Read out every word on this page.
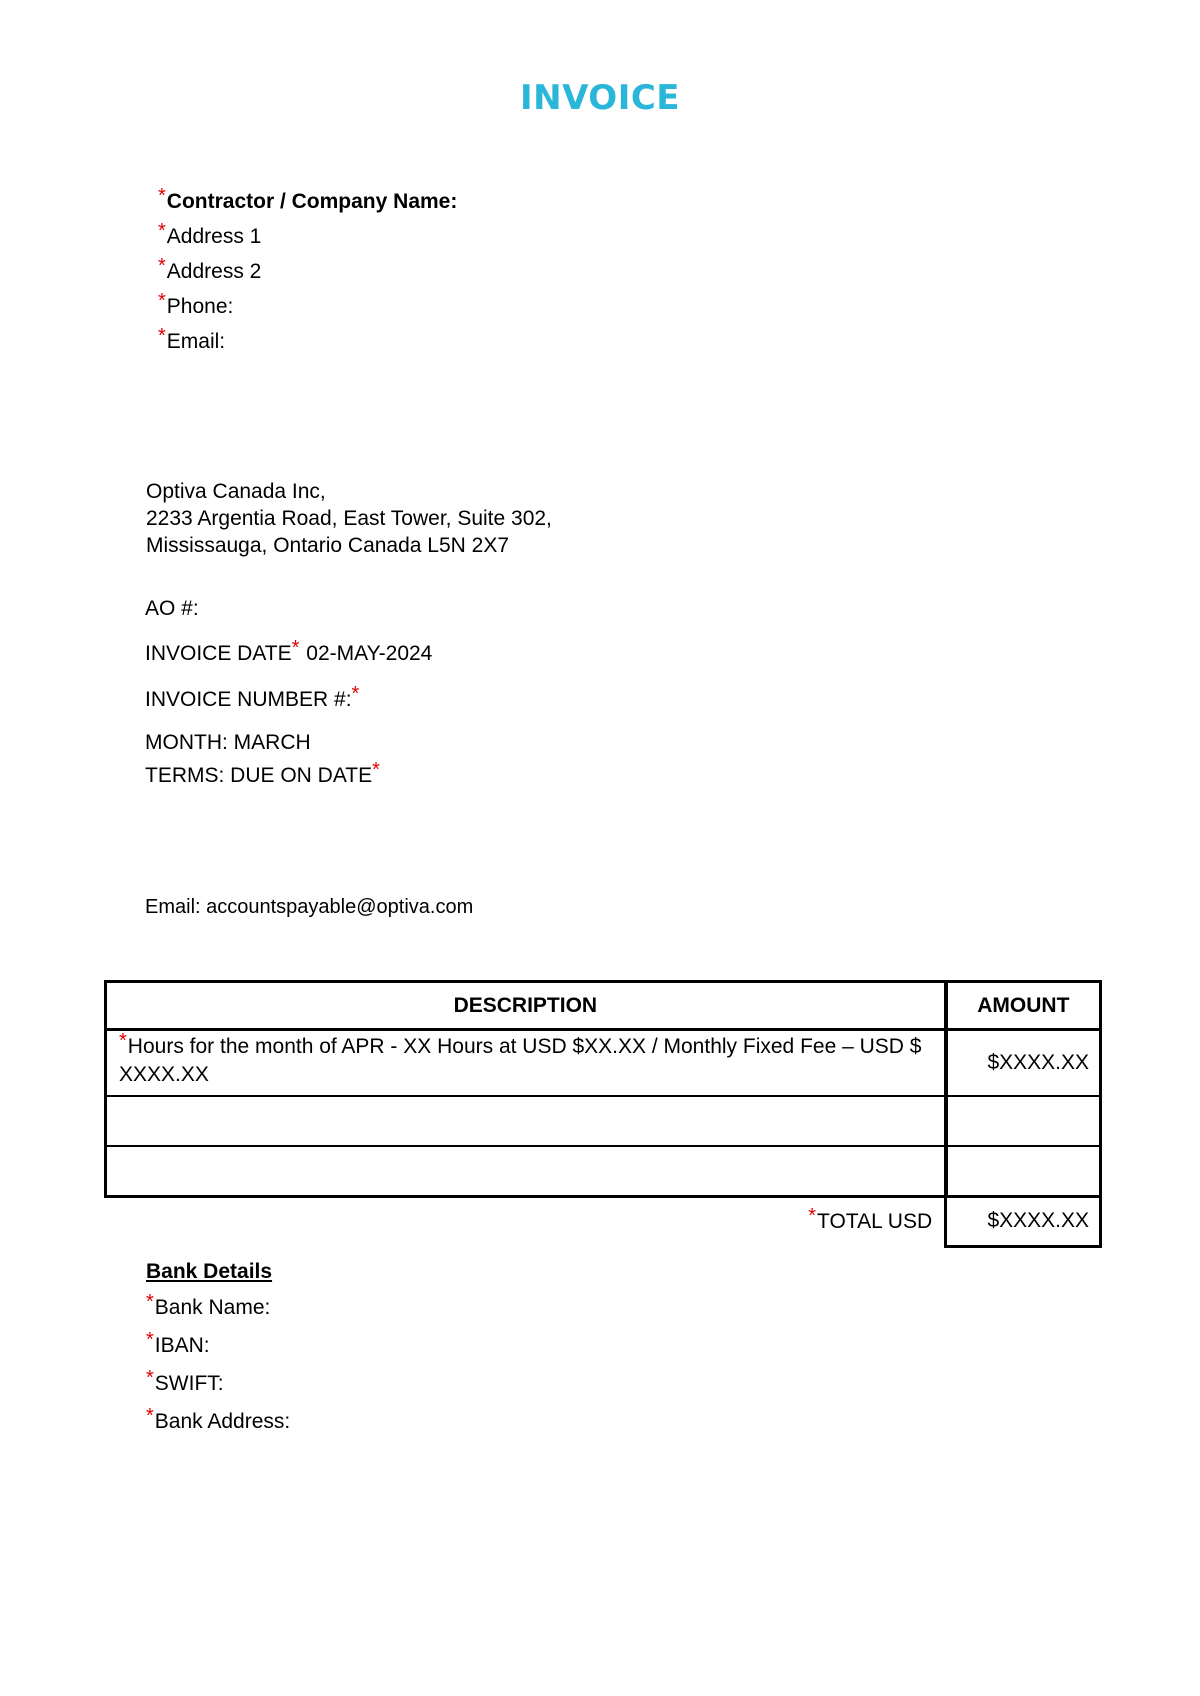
INVOICE
*Contractor / Company Name:
*Address 1
*Address 2
*Phone:
*Email:
Optiva Canada Inc,
2233 Argentia Road, East Tower, Suite 302,
Mississauga, Ontario Canada L5N 2X7
AO #:
INVOICE DATE* 02-MAY-2024
INVOICE NUMBER #:*
MONTH: MARCH
TERMS: DUE ON DATE*
Email: accountspayable@optiva.com
DESCRIPTION	AMOUNT
*Hours for the month of APR - XX Hours at USD $XX.XX / Monthly Fixed Fee – USD $ XXXX.XX	$XXXX.XX

*TOTAL USD	$XXXX.XX
Bank Details
*Bank Name:
*IBAN:
*SWIFT:
*Bank Address:
